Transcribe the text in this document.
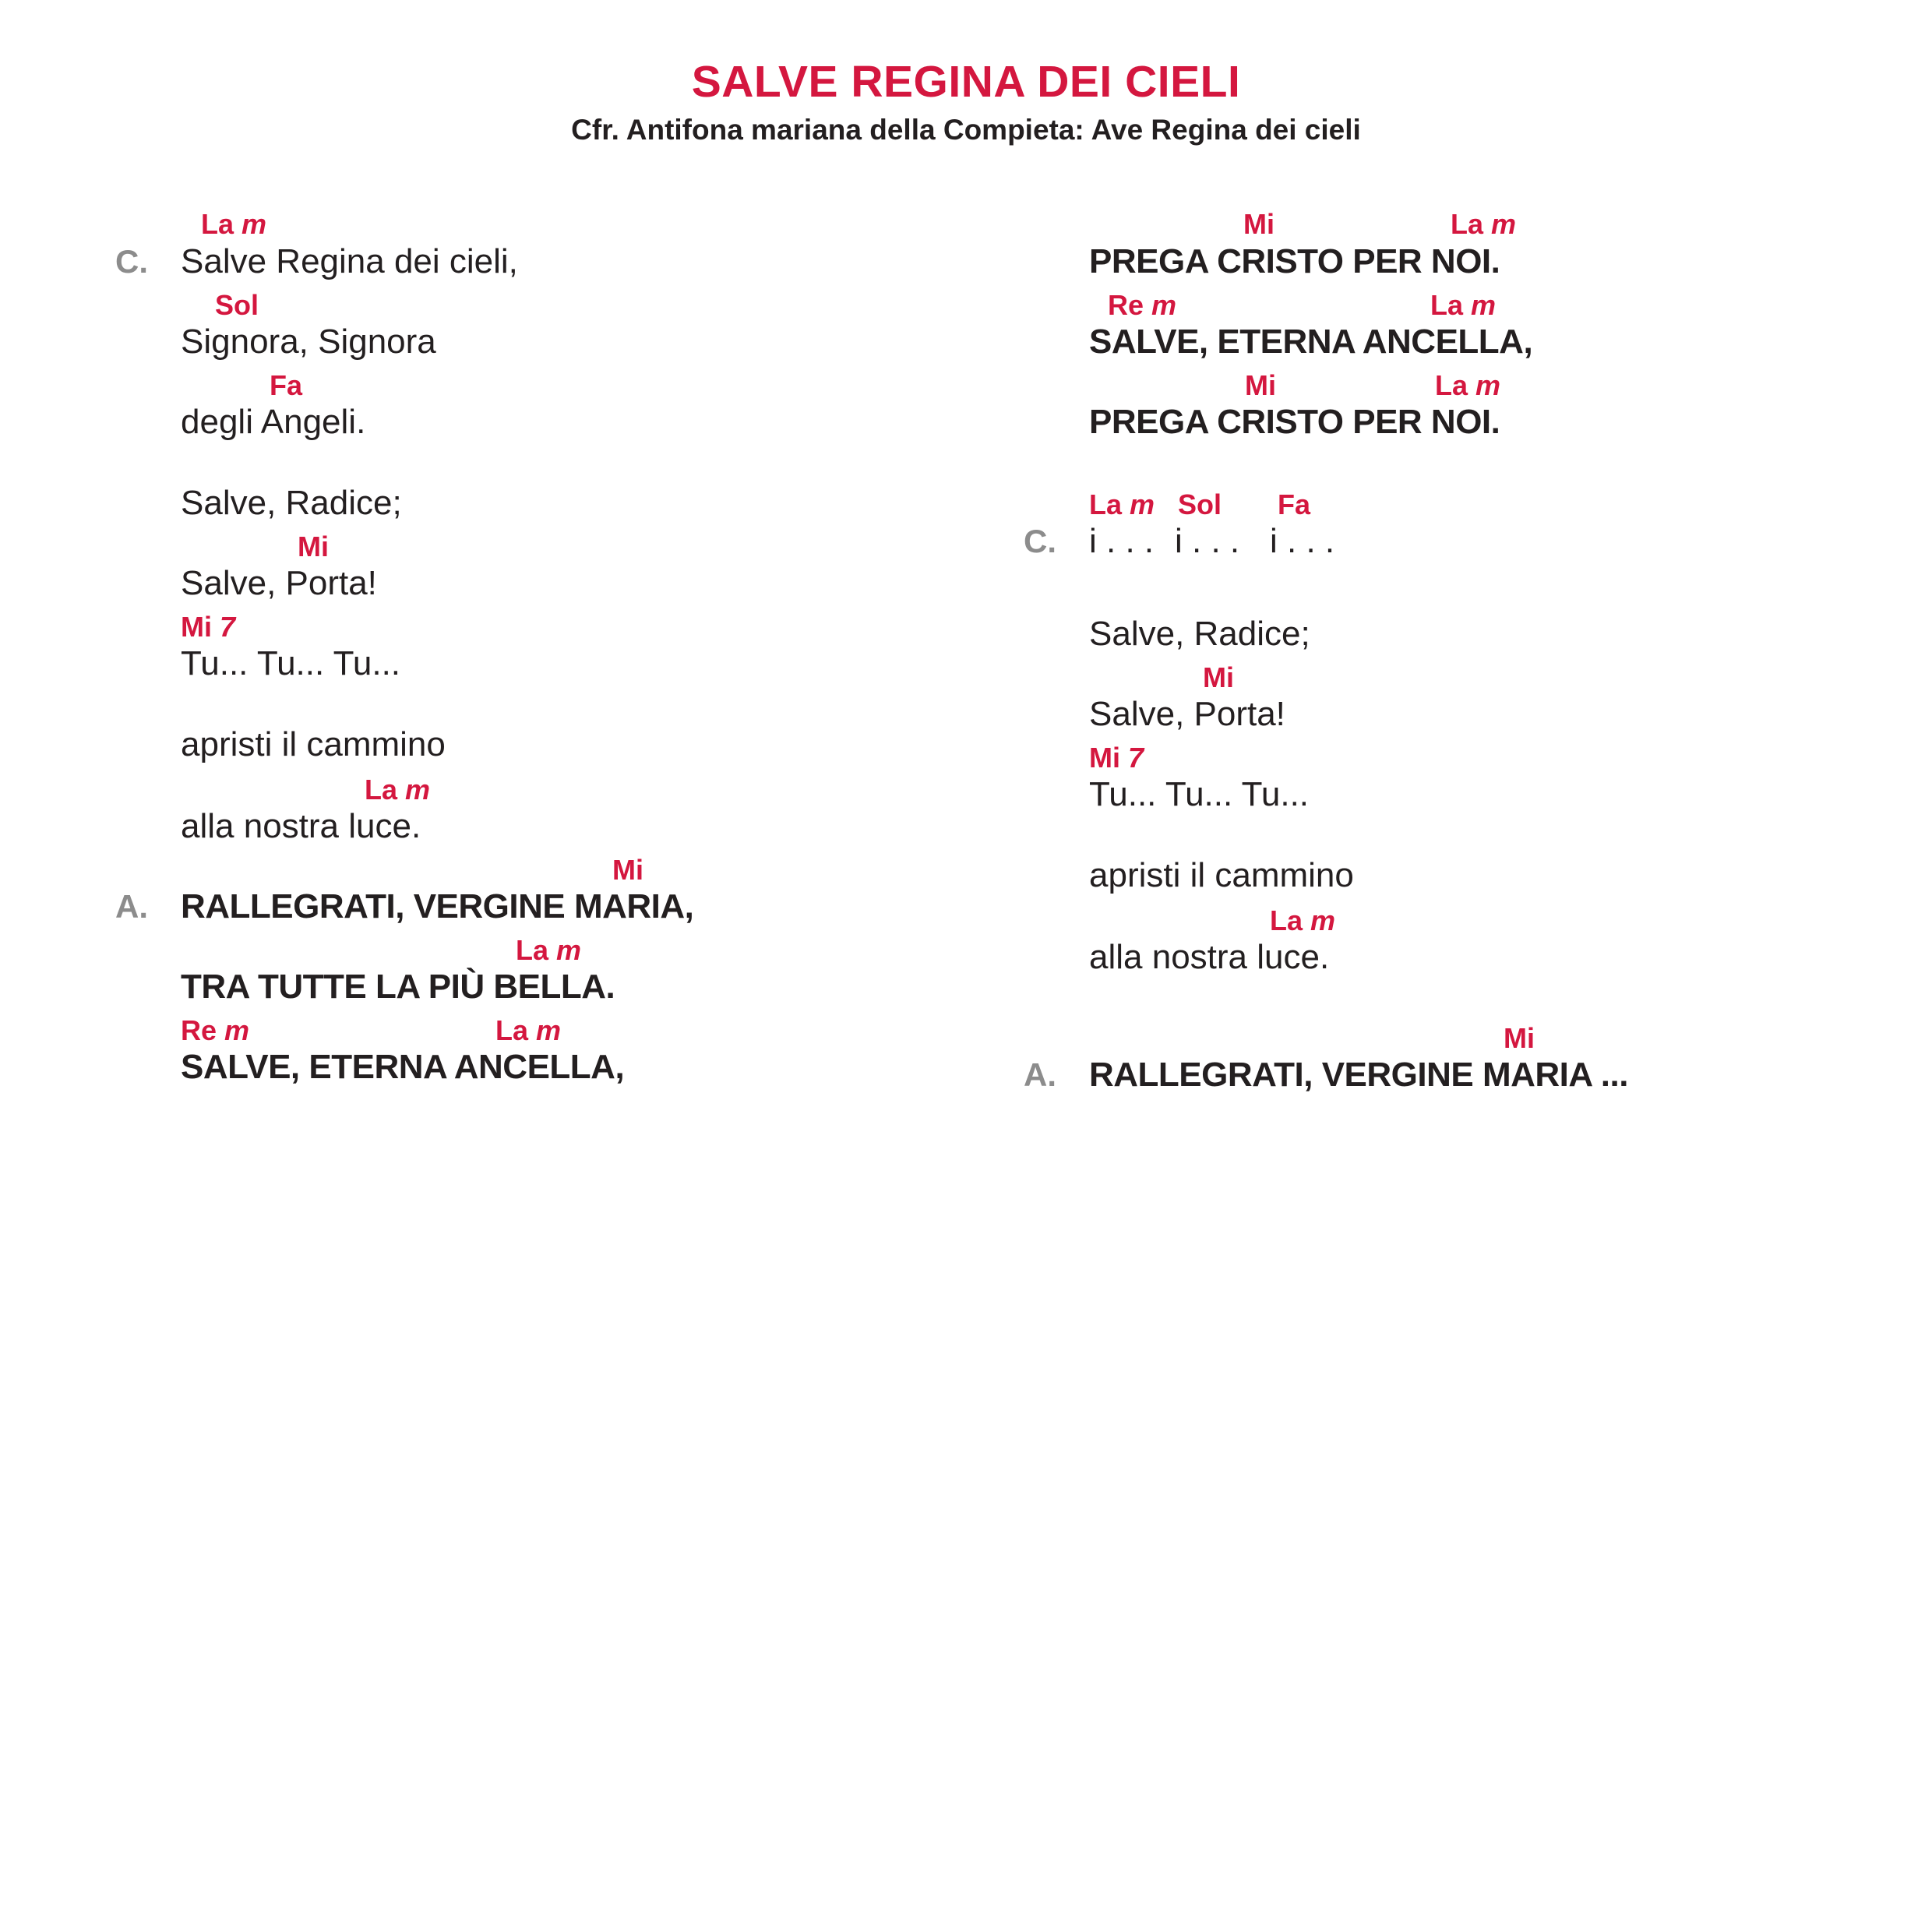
SALVE REGINA DEI CIELI
Cfr. Antifona mariana della Compieta: Ave Regina dei cieli
La m
C. Salve Regina dei cieli,
Sol
Signora, Signora
Fa
degli Angeli.
Salve, Radice;
Mi
Salve, Porta!
Mi 7
Tu... Tu... Tu...
apristi il cammino
La m
alla nostra luce.
Mi
A. RALLEGRATI, VERGINE MARIA,
La m
TRA TUTTE LA PIÙ BELLA.
Re m	La m
SALVE, ETERNA ANCELLA,
Mi	La m
PREGA CRISTO PER NOI.
Re m	La m
SALVE, ETERNA ANCELLA,
Mi	La m
PREGA CRISTO PER NOI.
La m Sol Fa
C. i . . . i . . . i . . .
Salve, Radice;
Mi
Salve, Porta!
Mi 7
Tu... Tu... Tu...
apristi il cammino
La m
alla nostra luce.
Mi
A. RALLEGRATI, VERGINE MARIA ...
